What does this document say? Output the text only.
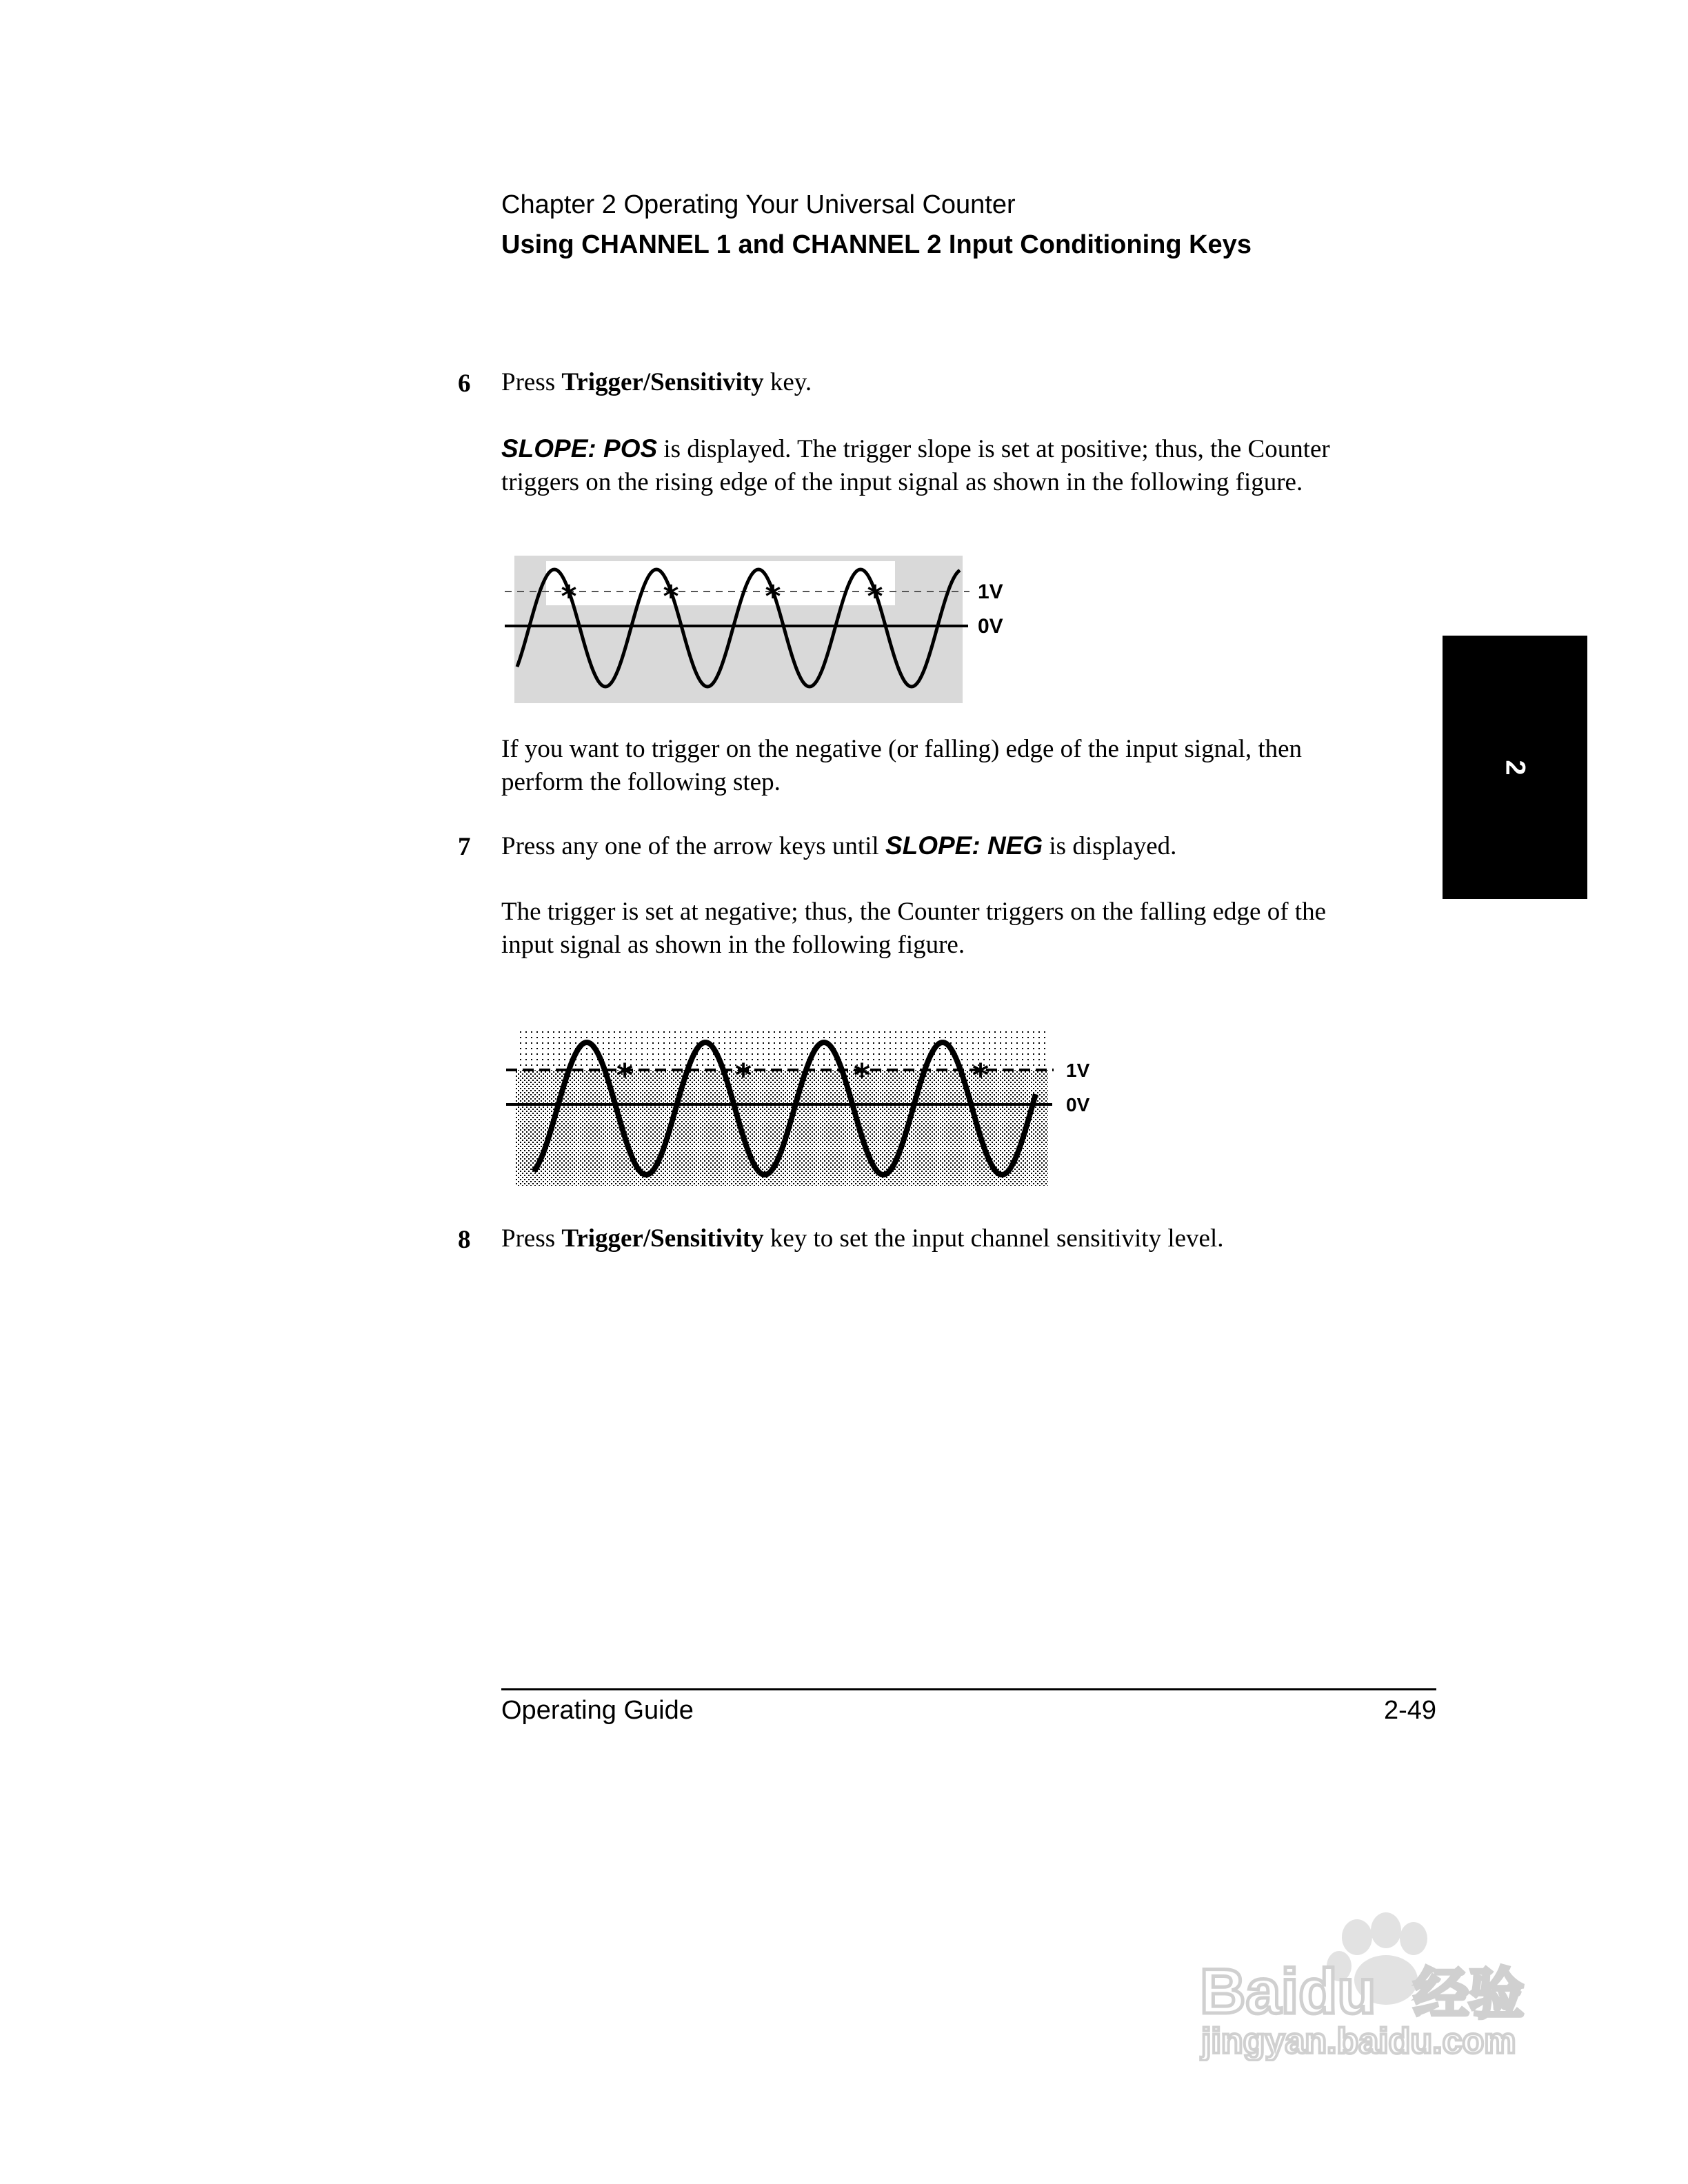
Chapter 2 Operating Your Universal Counter
Using CHANNEL 1 and CHANNEL 2 Input Conditioning Keys
6 Press Trigger/Sensitivity key.
SLOPE: POS is displayed. The trigger slope is set at positive; thus, the Counter
triggers on the rising edge of the input signal as shown in the following figure.
*	*	*	*	1V
0V
If you want to trigger on the negative (or falling) edge of the input signal, then
perform the following step.
7 Press any one of the arrow keys until SLOPE: NEG is displayed.
The trigger is set at negative; thus, the Counter triggers on the falling edge of the
input signal as shown in the following figure.
*	*	*	*	1V
0V
8 Press Trigger/Sensitivity key to set the input channel sensitivity level.
2
Operating Guide	2-49
Baidu 经验
jingyan.baidu.com
